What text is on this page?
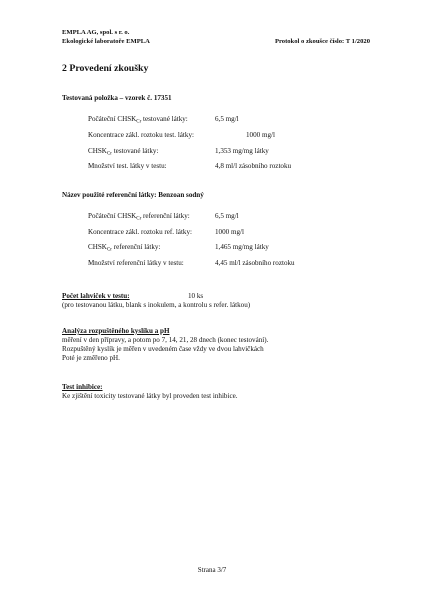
EMPLA AG, spol. s r. o.
Ekologické laboratoře EMPLA	Protokol o zkoušce číslo: T 1/2020
2 Provedení zkoušky
Testovaná položka – vzorek č. 17351
Počáteční $CHSK_{Cr}$ testované látky:	6,5 mg/l
Koncentrace zákl. roztoku test. látky:	1000 mg/l
$CHSK_{Cr}$ testované látky:	1,353 mg/mg látky
Množství test. látky v testu:	4,8 ml/l zásobního roztoku
Název použité referenční látky: Benzoan sodný
Počáteční $CHSK_{Cr}$ referenční látky:	6,5 mg/l
Koncentrace zákl. roztoku ref. látky:	1000 mg/l
$CHSK_{Cr}$ referenční látky:	1,465 mg/mg látky
Množství referenční látky v testu:	4,45 ml/l zásobního roztoku
Počet lahviček v testu:	10 ks
(pro testovanou látku, blank s inokulem, a kontrolu s refer. látkou)
Analýza rozpuštěného kyslíku a pH
měření v den přípravy, a potom po 7, 14, 21, 28 dnech (konec testování).
Rozpuštěný kyslík je měřen v uvedeném čase vždy ve dvou lahvičkách
Poté je změřeno pH.
Test inhibice:
Ke zjištění toxicity testované látky byl proveden test inhibice.
Strana 3/7
